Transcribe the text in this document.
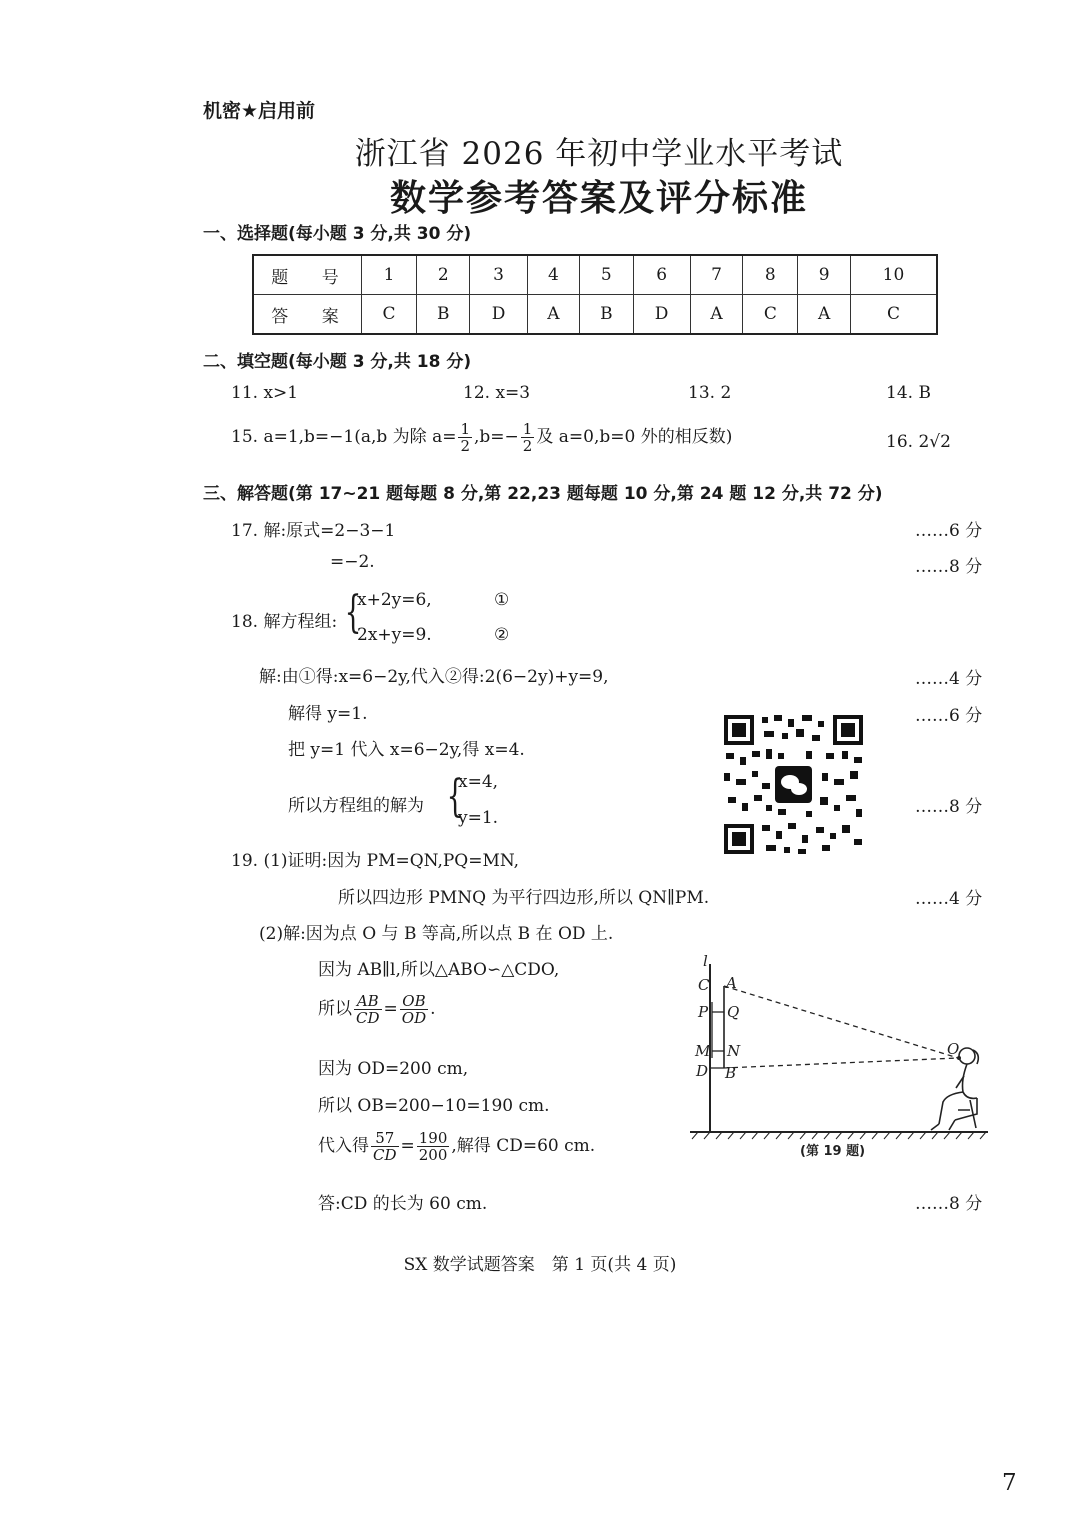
机密★启用前
浙江省 2026 年初中学业水平考试
数学参考答案及评分标准
一、选择题(每小题 3 分,共 30 分)
题 号	1	2	3	4	5	6	7	8	9	10
答 案	C	B	D	A	B	D	A	C	A	C
二、填空题(每小题 3 分,共 18 分)
11. x>1	12. x=3	13. 2	14. B
15. a=1,b=−1(a,b 为除 $a= \frac{1}{2} ,b=- \frac{1}{2}$ 及 a=0,b=0 外的相反数)	16. 2√2
三、解答题(第 17~21 题每题 8 分,第 22,23 题每题 10 分,第 24 题 12 分,共 72 分)
17. 解:原式=2−3−1	……6 分
=−2.	……8 分
18. 解方程组: {
x+2y=6,	①
2x+y=9.	②
解:由①得:x=6−2y,代入②得:2(6−2y)+y=9,	……4 分
解得 y=1.	……6 分
把 y=1 代入 x=6−2y,得 x=4.
所以方程组的解为 {
x=4,
y=1.
……8 分
19. (1)证明:因为 PM=QN,PQ=MN,
所以四边形 PMNQ 为平行四边形,所以 QN∥PM.	……4 分
(2)解:因为点 O 与 B 等高,所以点 B 在 OD 上.
因为 AB∥l,所以△ABO∽△CDO,
所以 $\frac{AB}{CD} = \frac{OB}{OD}$ .
因为 OD=200 cm,
所以 OB=200−10=190 cm.
代入得 $\frac{57}{CD} = \frac{190}{200}$ ,解得 CD=60 cm.
答:CD 的长为 60 cm.	……8 分
l
C A
P Q
M N
D B
O
(第 19 题)
SX 数学试题答案　第 1 页(共 4 页)
7
